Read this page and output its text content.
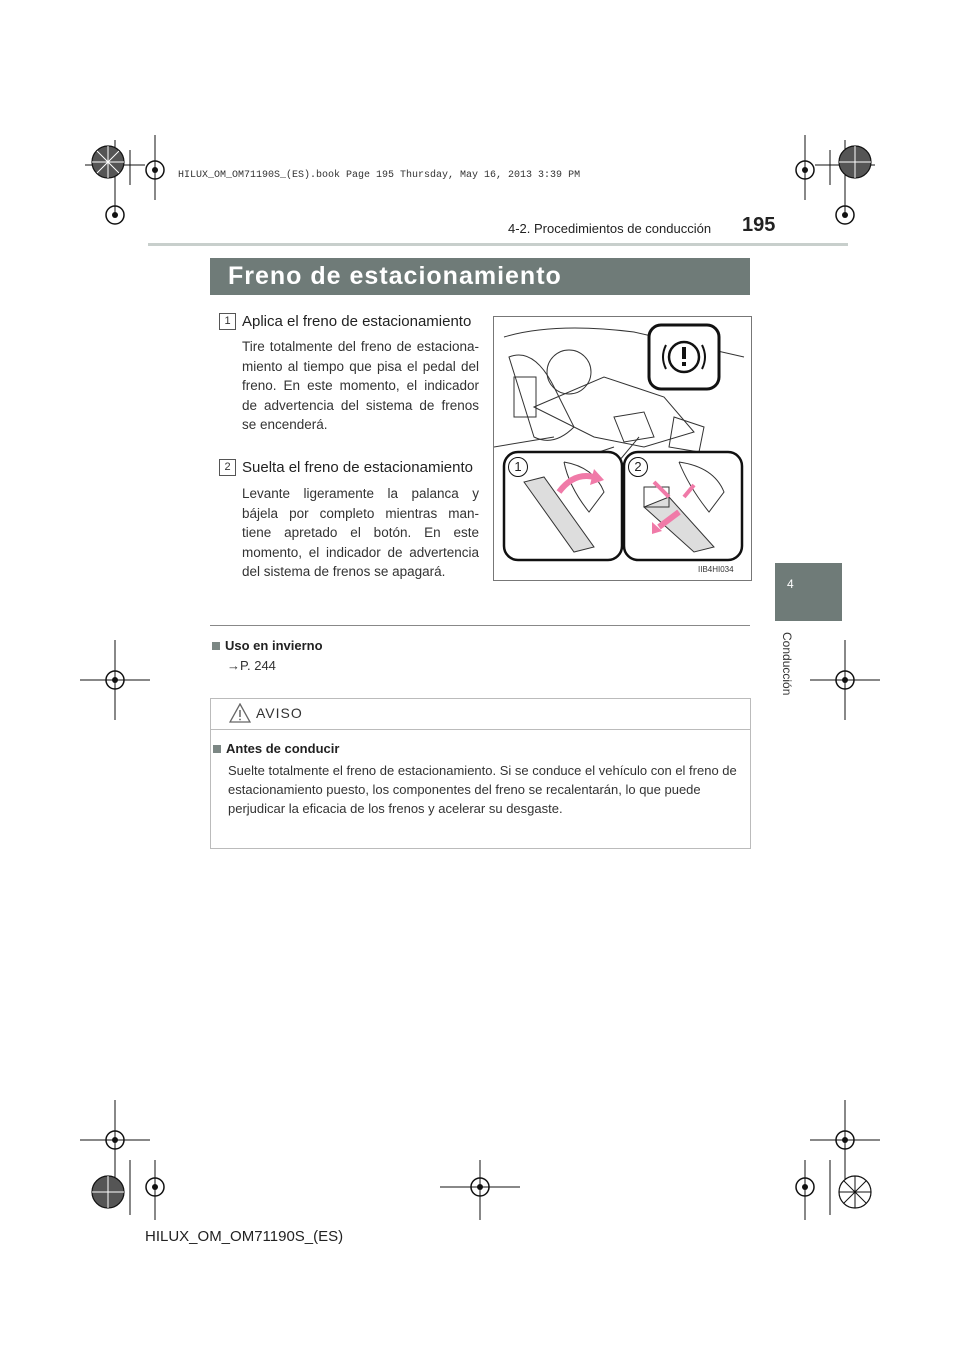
HILUX_OM_OM71190S_(ES).book Page 195 Thursday, May 16, 2013 3:39 PM
4-2. Procedimientos de conducción 195
Freno de estacionamiento
4
Conducción
1 Aplica el freno de estacionamiento
Tire totalmente del freno de estaciona-miento al tiempo que pisa el pedal del freno. En este momento, el indicador de advertencia del sistema de frenos se encenderá.
2 Suelta el freno de estacionamiento
Levante ligeramente la palanca y bájela por completo mientras man-tiene apretado el botón. En este momento, el indicador de advertencia del sistema de frenos se apagará.
1	2
IIB4HI034
Uso en invierno
→P. 244
AVISO
Antes de conducir
Suelte totalmente el freno de estacionamiento. Si se conduce el vehículo con el freno de estacionamiento puesto, los componentes del freno se recalentarán, lo que puede perjudicar la eficacia de los frenos y acelerar su desgaste.
HILUX_OM_OM71190S_(ES)
